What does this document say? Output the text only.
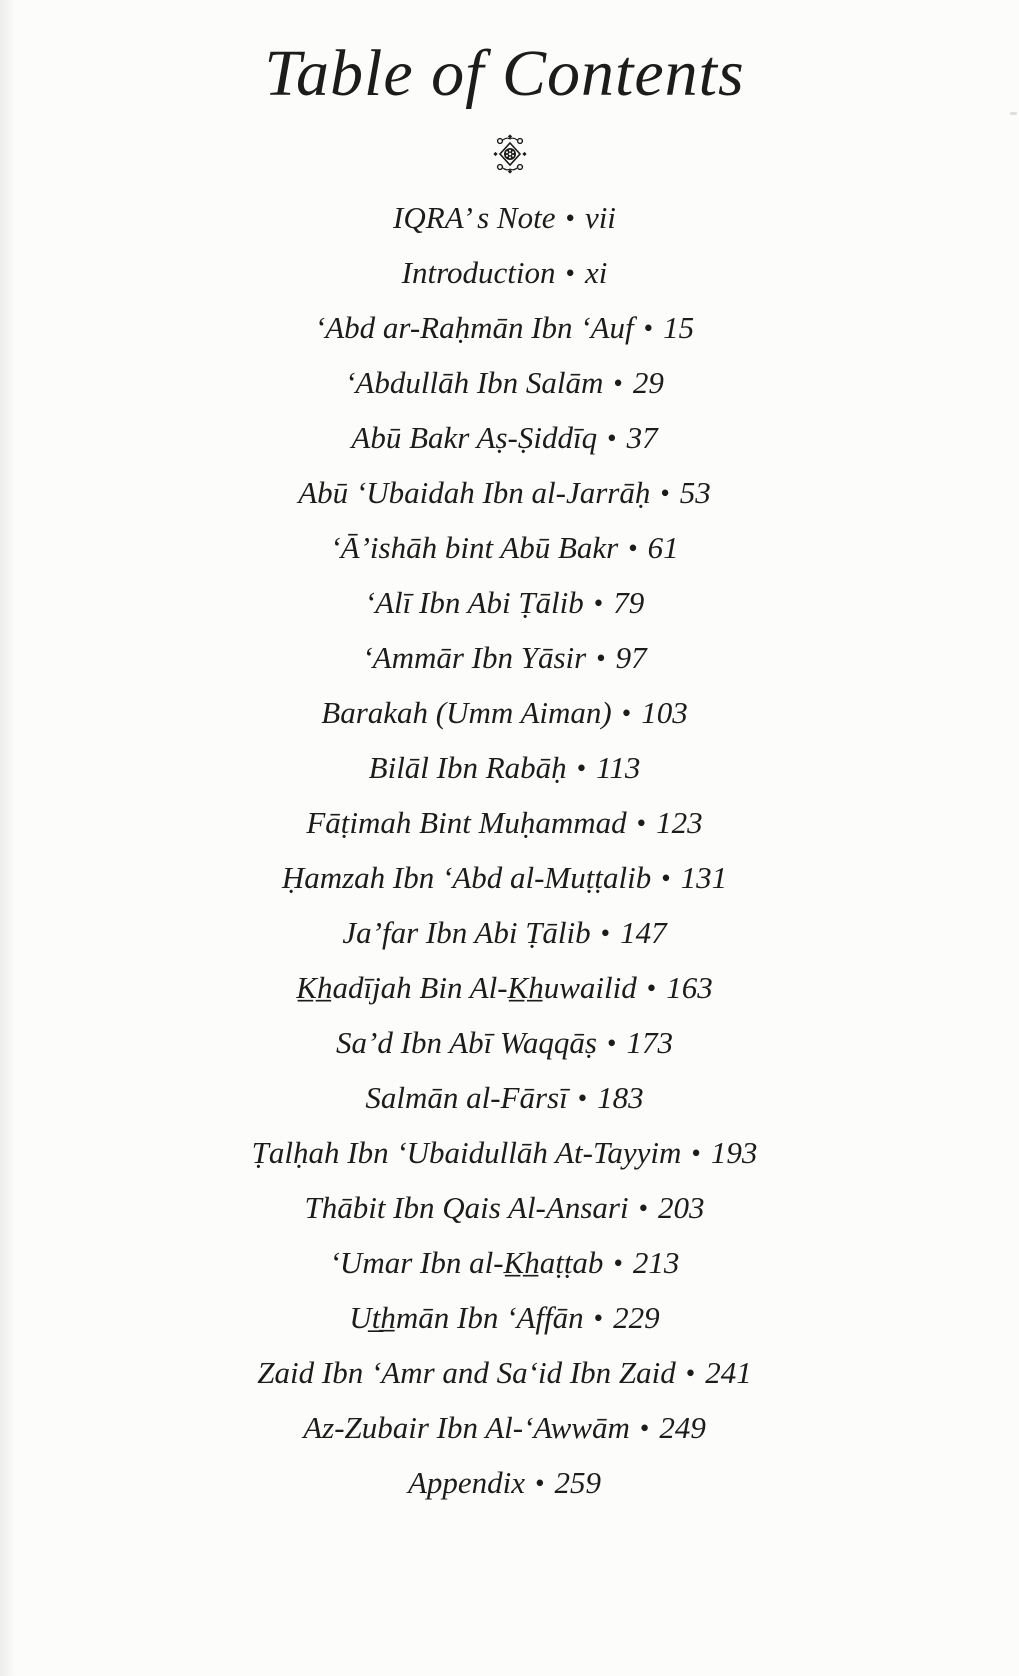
Table of Contents
IQRA’ s Note • vii
Introduction • xi
‘Abd ar-Raḥmān Ibn ‘Auf • 15
‘Abdullāh Ibn Salām • 29
Abū Bakr Aṣ-Ṣiddīq • 37
Abū ‘Ubaidah Ibn al-Jarrāḥ • 53
‘Ā’ishāh bint Abū Bakr • 61
‘Alī Ibn Abi Ṭālib • 79
‘Ammār Ibn Yāsir • 97
Barakah (Umm Aiman) • 103
Bilāl Ibn Rabāḥ • 113
Fāṭimah Bint Muḥammad • 123
Ḥamzah Ibn ‘Abd al-Muṭṭalib • 131
Ja’far Ibn Abi Ṭālib • 147
K̲h̲adījah Bin Al-K̲h̲uwailid • 163
Sa’d Ibn Abī Waqqāṣ • 173
Salmān al-Fārsī • 183
Ṭalḥah Ibn ‘Ubaidullāh At-Tayyim • 193
Thābit Ibn Qais Al-Ansari • 203
‘Umar Ibn al-K̲h̲aṭṭab • 213
Ut̲h̲mān Ibn ‘Affān • 229
Zaid Ibn ‘Amr and Sa‘id Ibn Zaid • 241
Az-Zubair Ibn Al-‘Awwām • 249
Appendix • 259
